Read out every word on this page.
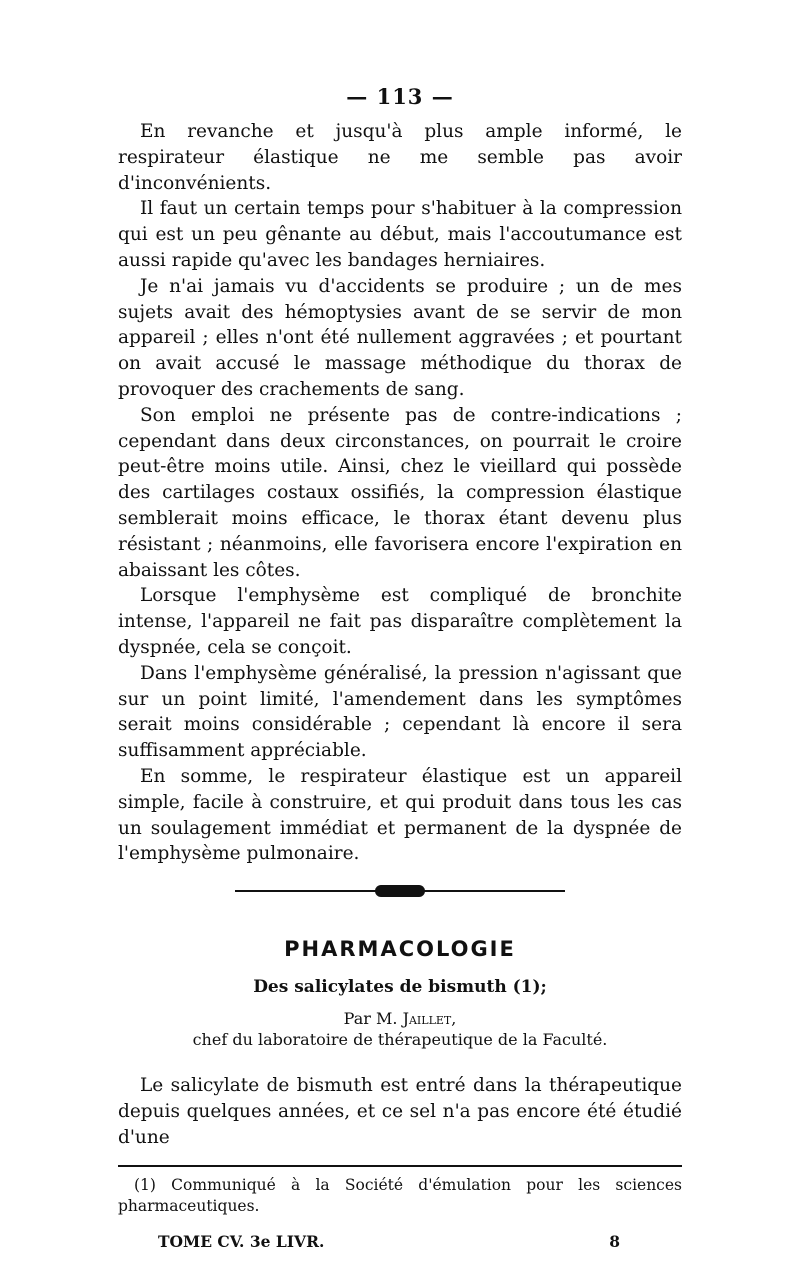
— 113 —

En revanche et jusqu'à plus ample informé, le respirateur élastique ne me semble pas avoir d'inconvénients.

Il faut un certain temps pour s'habituer à la compression qui est un peu gênante au début, mais l'accoutumance est aussi rapide qu'avec les bandages herniaires.

Je n'ai jamais vu d'accidents se produire ; un de mes sujets avait des hémoptysies avant de se servir de mon appareil ; elles n'ont été nullement aggravées ; et pourtant on avait accusé le massage méthodique du thorax de provoquer des crachements de sang.

Son emploi ne présente pas de contre-indications ; cependant dans deux circonstances, on pourrait le croire peut-être moins utile. Ainsi, chez le vieillard qui possède des cartilages costaux ossifiés, la compression élastique semblerait moins efficace, le thorax étant devenu plus résistant ; néanmoins, elle favorisera encore l'expiration en abaissant les côtes.

Lorsque l'emphysème est compliqué de bronchite intense, l'appareil ne fait pas disparaître complètement la dyspnée, cela se conçoit.

Dans l'emphysème généralisé, la pression n'agissant que sur un point limité, l'amendement dans les symptômes serait moins considérable ; cependant là encore il sera suffisamment appréciable.

En somme, le respirateur élastique est un appareil simple, facile à construire, et qui produit dans tous les cas un soulagement immédiat et permanent de la dyspnée de l'emphysème pulmonaire.

PHARMACOLOGIE
Des salicylates de bismuth (1);
Par M. Jaillet,
chef du laboratoire de thérapeutique de la Faculté.

Le salicylate de bismuth est entré dans la thérapeutique depuis quelques années, et ce sel n'a pas encore été étudié d'une

(1) Communiqué à la Société d'émulation pour les sciences pharmaceutiques.

TOME CV. 3e LIVR.	8
